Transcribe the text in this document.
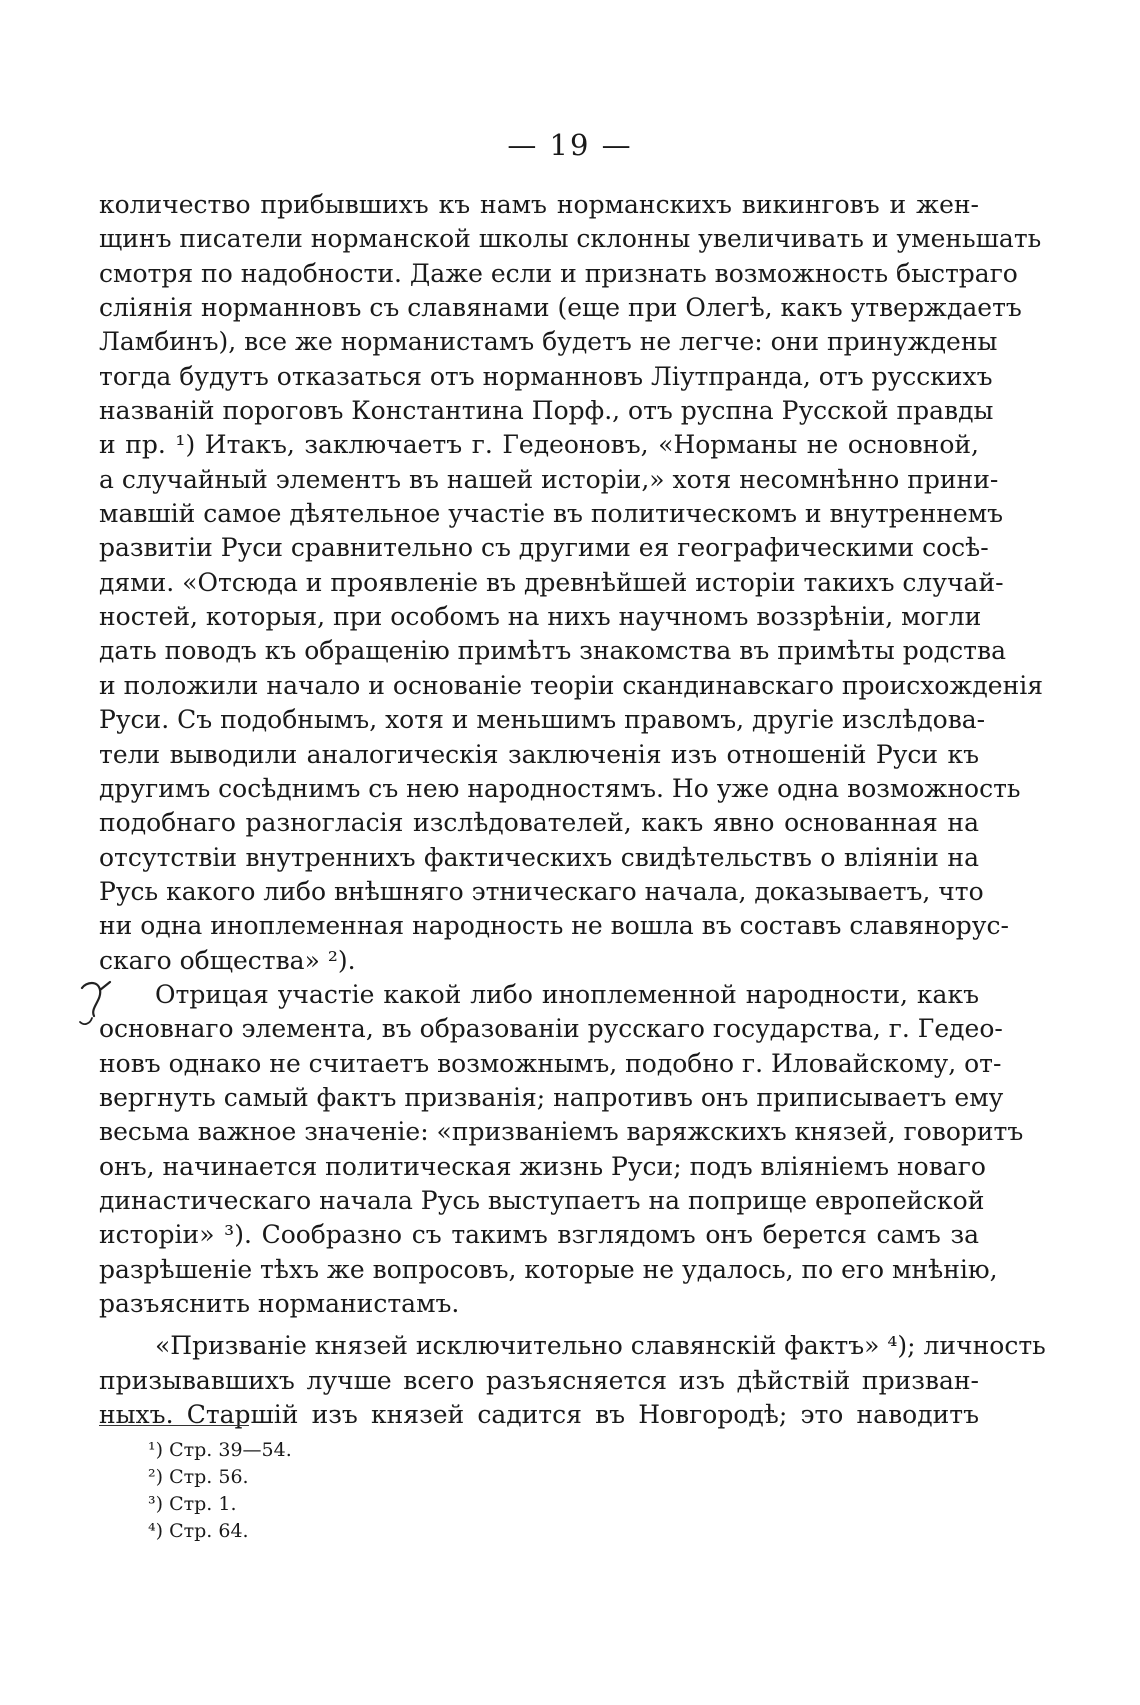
— 19 —
количество прибывшихъ къ намъ норманскихъ викинговъ и жен-
щинъ писатели норманской школы склонны увеличивать и уменьшать
смотря по надобности. Даже если и признать возможность быстраго
слiянiя норманновъ съ славянами (еще при Олегѣ, какъ утверждаетъ
Ламбинъ), все же норманистамъ будетъ не легче: они принуждены
тогда будутъ отказаться отъ норманновъ Лiутпранда, отъ русскихъ
названiй пороговъ Константина Порф., отъ руспна Русской правды
и пр. ¹) Итакъ, заключаетъ г. Гедеоновъ, «Норманы не основной,
а случайный элементъ въ нашей исторiи,» хотя несомнѣнно прини-
мавшiй самое дѣятельное участiе въ политическомъ и внутреннемъ
развитiи Руси сравнительно съ другими ея географическими сосѣ-
дями. «Отсюда и проявленiе въ древнѣйшей исторiи такихъ случай-
ностей, которыя, при особомъ на нихъ научномъ воззрѣнiи, могли
дать поводъ къ обращенiю примѣтъ знакомства въ примѣты родства
и положили начало и основанiе теорiи скандинавскаго происхожденiя
Руси. Съ подобнымъ, хотя и меньшимъ правомъ, другiе изслѣдова-
тели выводили аналогическiя заключенiя изъ отношенiй Руси къ
другимъ сосѣднимъ съ нею народностямъ. Но уже одна возможность
подобнаго разногласiя изслѣдователей, какъ явно основанная на
отсутствiи внутреннихъ фактическихъ свидѣтельствъ о влiянiи на
Русь какого либо внѣшняго этническаго начала, доказываетъ, что
ни одна иноплеменная народность не вошла въ составъ славянорус-
скаго общества» ²).
Отрицая участiе какой либо иноплеменной народности, какъ
основнаго элемента, въ образованiи русскаго государства, г. Гедео-
новъ однако не считаетъ возможнымъ, подобно г. Иловайскому, от-
вергнуть самый фактъ призванiя; напротивъ онъ приписываетъ ему
весьма важное значенiе: «призванiемъ варяжскихъ князей, говоритъ
онъ, начинается политическая жизнь Руси; подъ влiянiемъ новаго
династическаго начала Русь выступаетъ на поприще европейской
исторiи» ³). Сообразно съ такимъ взглядомъ онъ берется самъ за
разрѣшенiе тѣхъ же вопросовъ, которые не удалось, по его мнѣнiю,
разъяснить норманистамъ.
«Призванiе князей исключительно славянскiй фактъ» ⁴); личность
призывавшихъ лучше всего разъясняется изъ дѣйствiй призван-
ныхъ. Старшiй изъ князей садится въ Новгородѣ; это наводитъ
¹) Стр. 39—54.
²) Стр. 56.
³) Стр. 1.
⁴) Стр. 64.
